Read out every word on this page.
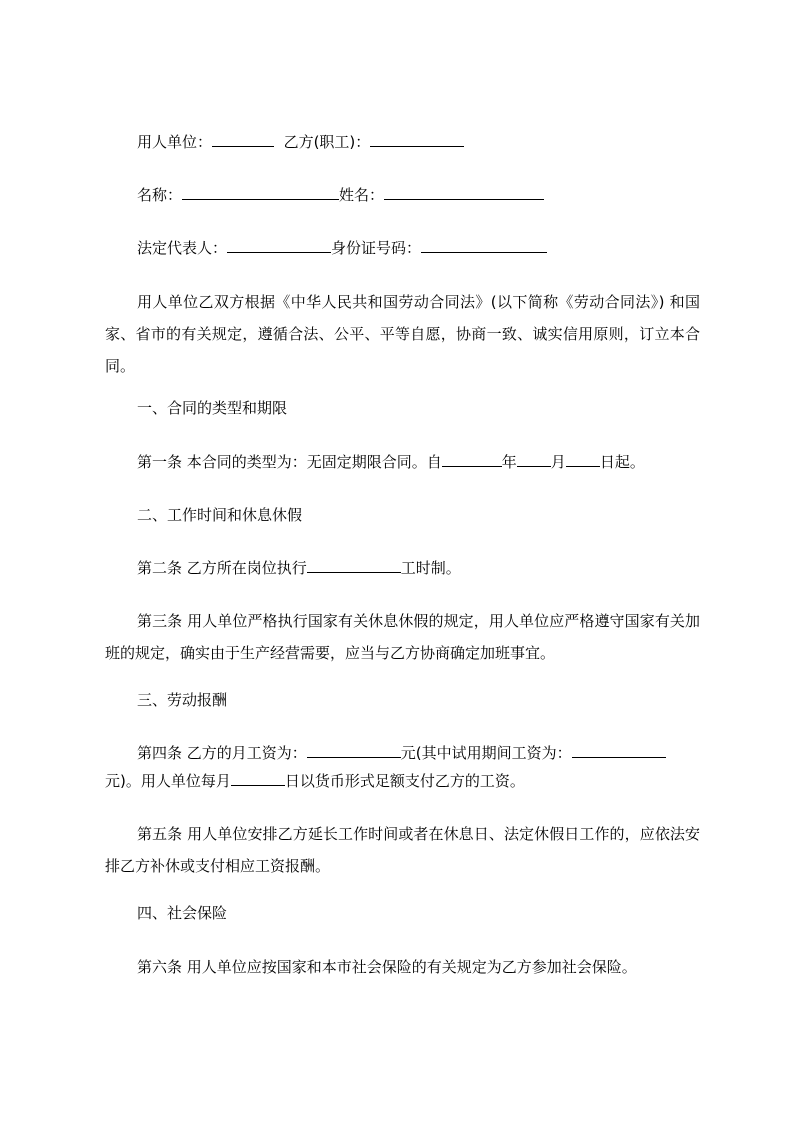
用人单位：	乙方(职工)：
名称：	姓名：
法定代表人：	身份证号码：
用人单位乙双方根据《中华人民共和国劳动合同法》(以下简称《劳动合同法》) 和国家、省市的有关规定，遵循合法、公平、平等自愿，协商一致、诚实信用原则，订立本合同。
一、合同的类型和期限
第一条 本合同的类型为：无固定期限合同。自	年 月 日起。
二、工作时间和休息休假
第二条 乙方所在岗位执行	工时制。
第三条 用人单位严格执行国家有关休息休假的规定，用人单位应严格遵守国家有关加班的规定，确实由于生产经营需要，应当与乙方协商确定加班事宜。
三、劳动报酬
第四条 乙方的月工资为：	元(其中试用期间工资为：
元)。用人单位每月	日以货币形式足额支付乙方的工资。
第五条 用人单位安排乙方延长工作时间或者在休息日、法定休假日工作的，应依法安排乙方补休或支付相应工资报酬。
四、社会保险
第六条 用人单位应按国家和本市社会保险的有关规定为乙方参加社会保险。
